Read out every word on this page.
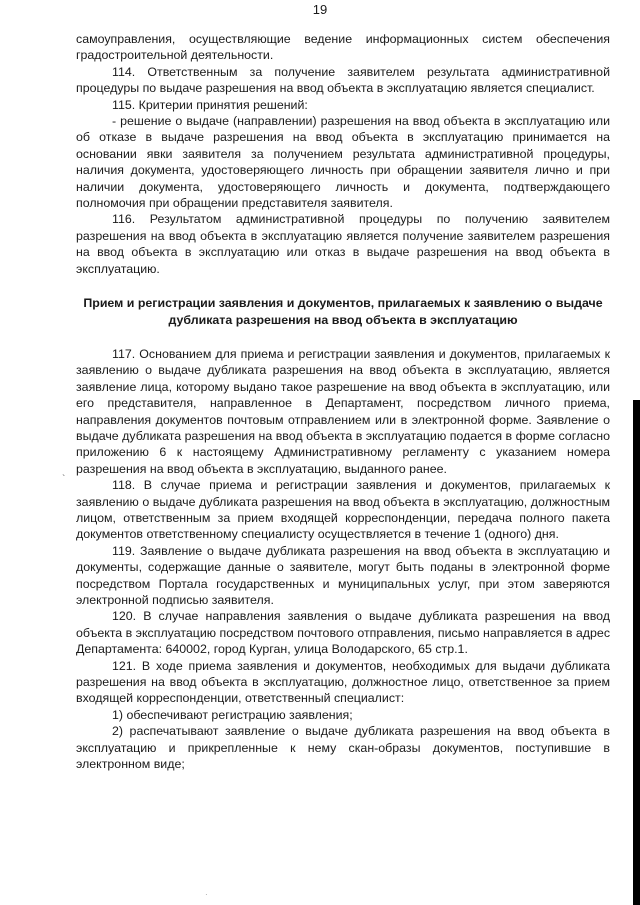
19

самоуправления, осуществляющие ведение информационных систем обеспечения градостроительной деятельности.

114. Ответственным за получение заявителем результата административной процедуры по выдаче разрешения на ввод объекта в эксплуатацию является специалист.

115. Критерии принятия решений:

- решение о выдаче (направлении) разрешения на ввод объекта в эксплуатацию или об отказе в выдаче разрешения на ввод объекта в эксплуатацию принимается на основании явки заявителя за получением результата административной процедуры, наличия документа, удостоверяющего личность при обращении заявителя лично и при наличии документа, удостоверяющего личность и документа, подтверждающего полномочия при обращении представителя заявителя.

116. Результатом административной процедуры по получению заявителем разрешения на ввод объекта в эксплуатацию является получение заявителем разрешения на ввод объекта в эксплуатацию или отказ в выдаче разрешения на ввод объекта в эксплуатацию.

Прием и регистрации заявления и документов, прилагаемых к заявлению о выдаче дубликата разрешения на ввод объекта в эксплуатацию

117. Основанием для приема и регистрации заявления и документов, прилагаемых к заявлению о выдаче дубликата разрешения на ввод объекта в эксплуатацию, является заявление лица, которому выдано такое разрешение на ввод объекта в эксплуатацию, или его представителя, направленное в Департамент, посредством личного приема, направления документов почтовым отправлением или в электронной форме. Заявление о выдаче дубликата разрешения на ввод объекта в эксплуатацию подается в форме согласно приложению 6 к настоящему Административному регламенту с указанием номера разрешения на ввод объекта в эксплуатацию, выданного ранее.

118. В случае приема и регистрации заявления и документов, прилагаемых к заявлению о выдаче дубликата разрешения на ввод объекта в эксплуатацию, должностным лицом, ответственным за прием входящей корреспонденции, передача полного пакета документов ответственному специалисту осуществляется в течение 1 (одного) дня.

119. Заявление о выдаче дубликата разрешения на ввод объекта в эксплуатацию и документы, содержащие данные о заявителе, могут быть поданы в электронной форме посредством Портала государственных и муниципальных услуг, при этом заверяются электронной подписью заявителя.

120. В случае направления заявления о выдаче дубликата разрешения на ввод объекта в эксплуатацию посредством почтового отправления, письмо направляется в адрес Департамента: 640002, город Курган, улица Володарского, 65 стр.1.

121. В ходе приема заявления и документов, необходимых для выдачи дубликата разрешения на ввод объекта в эксплуатацию, должностное лицо, ответственное за прием входящей корреспонденции, ответственный специалист:

1) обеспечивают регистрацию заявления;

2) распечатывают заявление о выдаче дубликата разрешения на ввод объекта в эксплуатацию и прикрепленные к нему скан-образы документов, поступившие в электронном виде;

`
·
